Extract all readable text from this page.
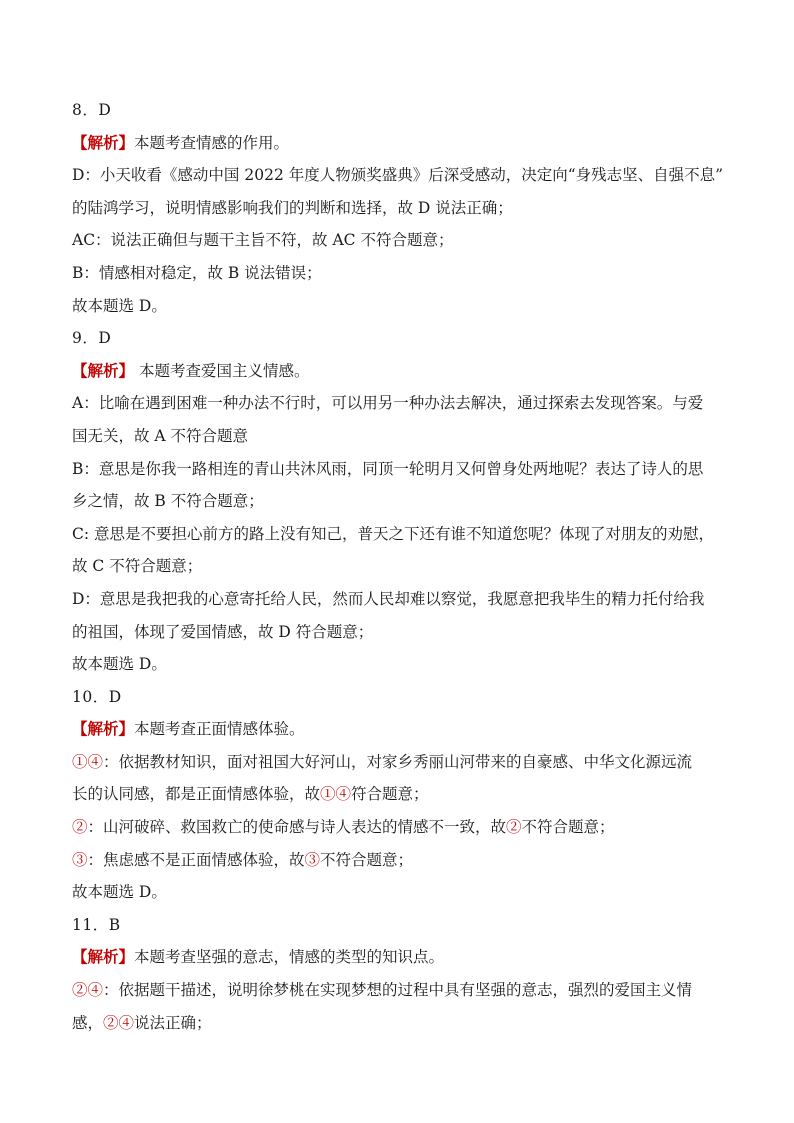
8．D
【解析】本题考查情感的作用。
D：小天收看《感动中国 2022 年度人物颁奖盛典》后深受感动，决定向“身残志坚、自强不息”
的陆鸿学习，说明情感影响我们的判断和选择，故 D 说法正确；
AC：说法正确但与题干主旨不符，故 AC 不符合题意；
B：情感相对稳定，故 B 说法错误；
故本题选 D。
9．D
【解析】 本题考查爱国主义情感。
A：比喻在遇到困难一种办法不行时，可以用另一种办法去解决，通过探索去发现答案。与爱
国无关，故 A 不符合题意
B：意思是你我一路相连的青山共沐风雨，同顶一轮明月又何曾身处两地呢？表达了诗人的思
乡之情，故 B 不符合题意；
C: 意思是不要担心前方的路上没有知己，普天之下还有谁不知道您呢？体现了对朋友的劝慰，
故 C 不符合题意；
D：意思是我把我的心意寄托给人民，然而人民却难以察觉，我愿意把我毕生的精力托付给我
的祖国，体现了爱国情感，故 D 符合题意；
故本题选 D。
10．D
【解析】本题考查正面情感体验。
①④：依据教材知识，面对祖国大好河山，对家乡秀丽山河带来的自豪感、中华文化源远流
长的认同感，都是正面情感体验，故①④符合题意；
②：山河破碎、救国救亡的使命感与诗人表达的情感不一致，故②不符合题意；
③：焦虑感不是正面情感体验，故③不符合题意；
故本题选 D。
11．B
【解析】本题考查坚强的意志，情感的类型的知识点。
②④：依据题干描述，说明徐梦桃在实现梦想的过程中具有坚强的意志，强烈的爱国主义情
感，②④说法正确；
